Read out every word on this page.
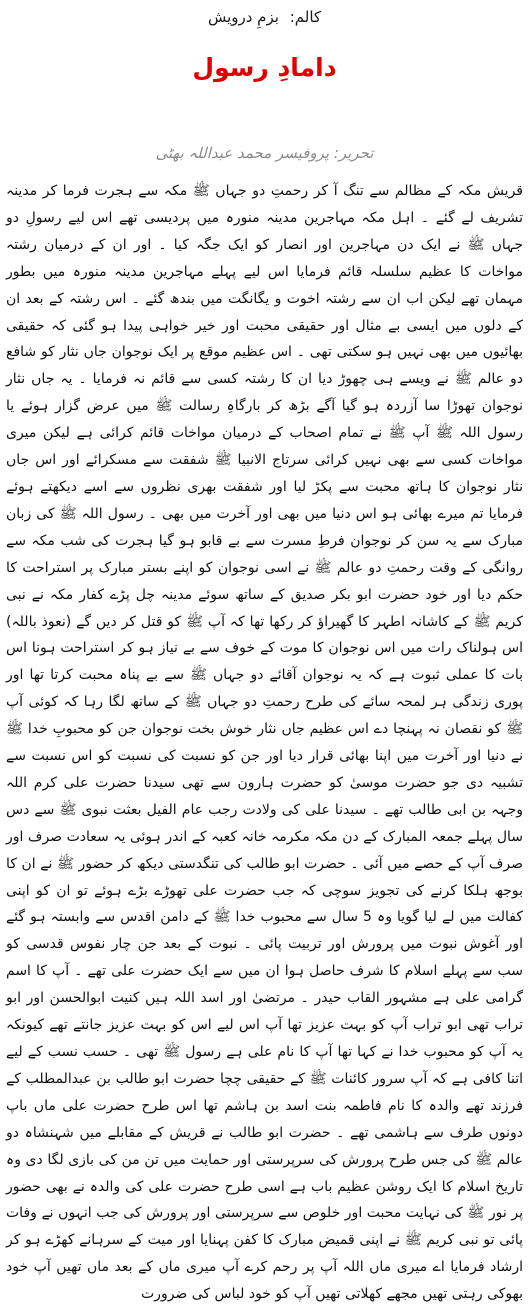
کالم: بزمِ درویش
دامادِ رسول
تحریر: پروفیسر محمد عبداللہ بھٹی

قریش مکہ کے مظالم سے تنگ آ کر رحمتِ دو جہاں ﷺ مکہ سے ہجرت فرما کر مدینہ تشریف لے گئے ۔ اہل مکہ مہاجرین مدینہ منورہ میں پردیسی تھے اس لیے رسولِ دو جہاں ﷺ نے ایک دن مہاجرین اور انصار کو ایک جگہ کیا ۔ اور ان کے درمیان رشتہ مواخات کا عظیم سلسلہ قائم فرمایا اس لیے پہلے مہاجرین مدینہ منورہ میں بطور مہمان تھے لیکن اب ان سے رشتہ اخوت و یگانگت میں بندھ گئے ۔ اس رشتہ کے بعد ان کے دلوں میں ایسی بے مثال اور حقیقی محبت اور خیر خواہی پیدا ہو گئی کہ حقیقی بھائیوں میں بھی نہیں ہو سکتی تھی ۔ اس عظیم موقع پر ایک نوجوان جاں نثار کو شافع دو عالم ﷺ نے ویسے ہی چھوڑ دیا ان کا رشتہ کسی سے قائم نہ فرمایا ۔ یہ جاں نثار نوجوان تھوڑا سا آزردہ ہو گیا آگے بڑھ کر بارگاہِ رسالت ﷺ میں عرض گزار ہوئے یا رسول اللہ ﷺ آپ ﷺ نے تمام اصحاب کے درمیان مواخات قائم کرائی ہے لیکن میری مواخات کسی سے بھی نہیں کرائی سرتاج الانبیا ﷺ شفقت سے مسکرائے اور اس جاں نثار نوجوان کا ہاتھ محبت سے پکڑ لیا اور شفقت بھری نظروں سے اسے دیکھتے ہوئے فرمایا تم میرے بھائی ہو اس دنیا میں بھی اور آخرت میں بھی ۔ رسول اللہ ﷺ کی زبان مبارک سے یہ سن کر نوجوان فرطِ مسرت سے بے قابو ہو گیا ہجرت کی شب مکہ سے روانگی کے وقت رحمتِ دو عالم ﷺ نے اسی نوجوان کو اپنے بستر مبارک پر استراحت کا حکم دیا اور خود حضرت ابو بکر صدیق کے ساتھ سوئے مدینہ چل پڑے کفار مکہ نے نبی کریم ﷺ کے کاشانہ اطہر کا گھیراؤ کر رکھا تھا کہ آپ ﷺ کو قتل کر دیں گے (نعوذ باللہ) اس ہولناک رات میں اس نوجوان کا موت کے خوف سے بے نیاز ہو کر استراحت ہونا اس بات کا عملی ثبوت ہے کہ یہ نوجوان آقائے دو جہاں ﷺ سے بے پناہ محبت کرتا تھا اور پوری زندگی ہر لمحہ سائے کی طرح رحمتِ دو جہاں ﷺ کے ساتھ لگا رہا کہ کوئی آپ ﷺ کو نقصان نہ پہنچا دے اس عظیم جاں نثار خوش بخت نوجوان جن کو محبوبِ خدا ﷺ نے دنیا اور آخرت میں اپنا بھائی قرار دیا اور جن کو نسبت کی نسبت کو اس نسبت سے تشبیہ دی جو حضرت موسیٰ کو حضرت ہارون سے تھی سیدنا حضرت علی کرم اللہ وجہہ بن ابی طالب تھے ۔ سیدنا علی کی ولادت رجب عام الفیل بعثت نبوی ﷺ سے دس سال پہلے جمعہ المبارک کے دن مکہ مکرمہ خانہ کعبہ کے اندر ہوئی یہ سعادت صرف اور صرف آپ کے حصے میں آئی ۔ حضرت ابو طالب کی تنگدستی دیکھ کر حضور ﷺ نے ان کا بوجھ ہلکا کرنے کی تجویز سوچی کہ جب حضرت علی تھوڑے بڑے ہوئے تو ان کو اپنی کفالت میں لے لیا گویا وہ 5 سال سے محبوب خدا ﷺ کے دامن اقدس سے وابستہ ہو گئے اور آغوش نبوت میں پرورش اور تربیت پائی ۔ نبوت کے بعد جن چار نفوس قدسی کو سب سے پہلے اسلام کا شرف حاصل ہوا ان میں سے ایک حضرت علی تھے ۔ آپ کا اسم گرامی علی ہے مشہور القاب حیدر ۔ مرتضیٰ اور اسد اللہ ہیں کنیت ابوالحسن اور ابو تراب تھی ابو تراب آپ کو بہت عزیز تھا آپ اس لیے اس کو بہت عزیز جانتے تھے کیونکہ یہ آپ کو محبوب خدا نے کہا تھا آپ کا نام علی ہے رسول ﷺ تھی ۔ حسب نسب کے لیے اتنا کافی ہے کہ آپ سرور کائنات ﷺ کے حقیقی چچا حضرت ابو طالب بن عبدالمطلب کے فرزند تھے والدہ کا نام فاطمہ بنت اسد بن ہاشم تھا اس طرح حضرت علی ماں باپ دونوں طرف سے ہاشمی تھے ۔ حضرت ابو طالب نے قریش کے مقابلے میں شہنشاہ دو عالم ﷺ کی جس طرح پرورش کی سرپرستی اور حمایت میں تن من کی بازی لگا دی وہ تاریخ اسلام کا ایک روشن عظیم باب ہے اسی طرح حضرت علی کی والدہ نے بھی حضور پر نور ﷺ کی نہایت محبت اور خلوص سے سرپرستی اور پرورش کی جب انہوں نے وفات پائی تو نبی کریم ﷺ نے اپنی قمیض مبارک کا کفن پہنایا اور میت کے سرہانے کھڑے ہو کر ارشاد فرمایا اے میری ماں اللہ آپ پر رحم کرے آپ میری ماں کے بعد ماں تھیں آپ خود بھوکی رہتی تھیں مجھے کھلاتی تھیں آپ کو خود لباس کی ضرورت
